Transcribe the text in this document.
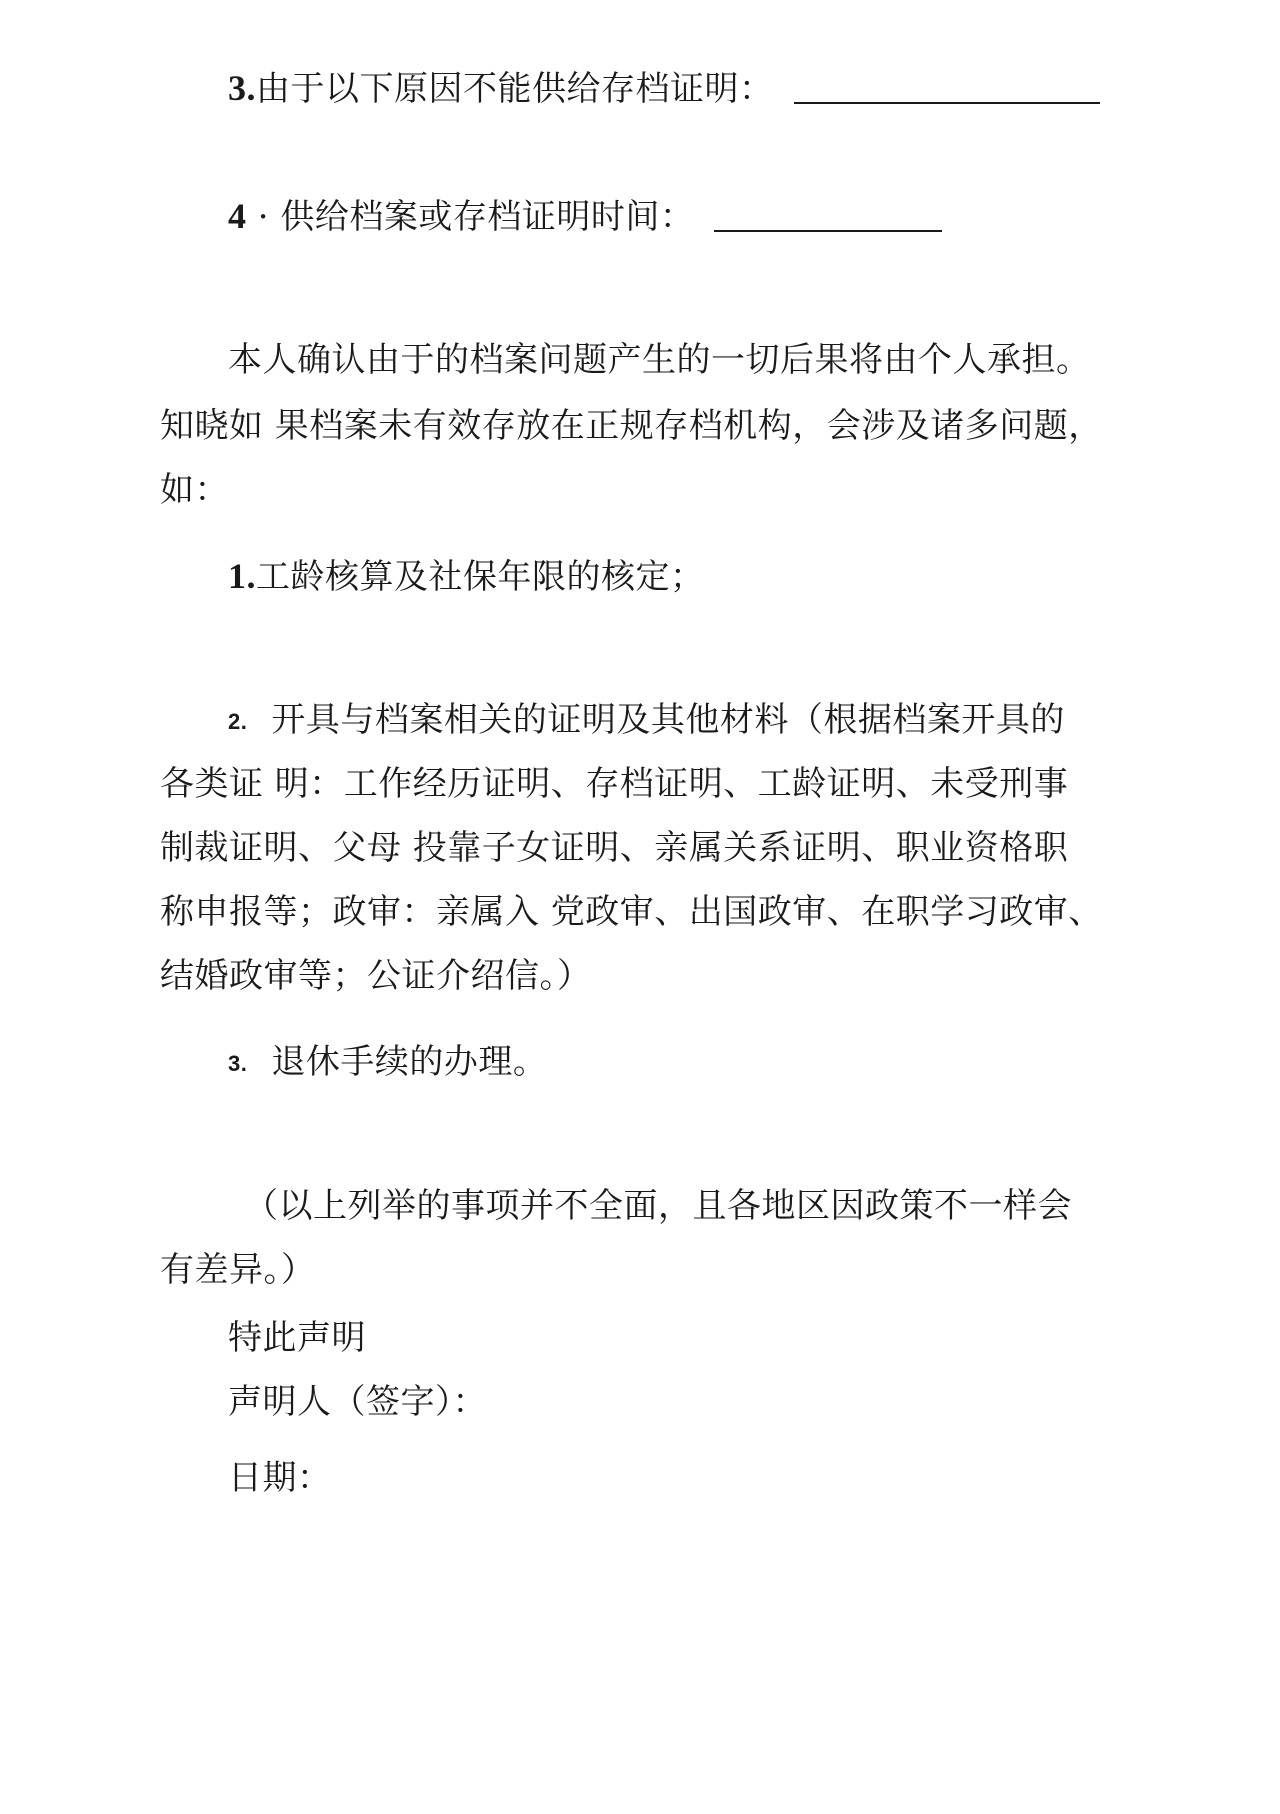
3.由于以下原因不能供给存档证明：
4 · 供给档案或存档证明时间：
本人确认由于的档案问题产生的一切后果将由个人承担。
知晓如 果档案未有效存放在正规存档机构，会涉及诸多问题，
如：
1.工龄核算及社保年限的核定；
2. 开具与档案相关的证明及其他材料（根据档案开具的
各类证 明：工作经历证明、存档证明、工龄证明、未受刑事
制裁证明、父母 投靠子女证明、亲属关系证明、职业资格职
称申报等；政审：亲属入 党政审、出国政审、在职学习政审、
结婚政审等；公证介绍信。）
3. 退休手续的办理。
（以上列举的事项并不全面，且各地区因政策不一样会
有差异。）
特此声明
声明人（签字）：
日期：
